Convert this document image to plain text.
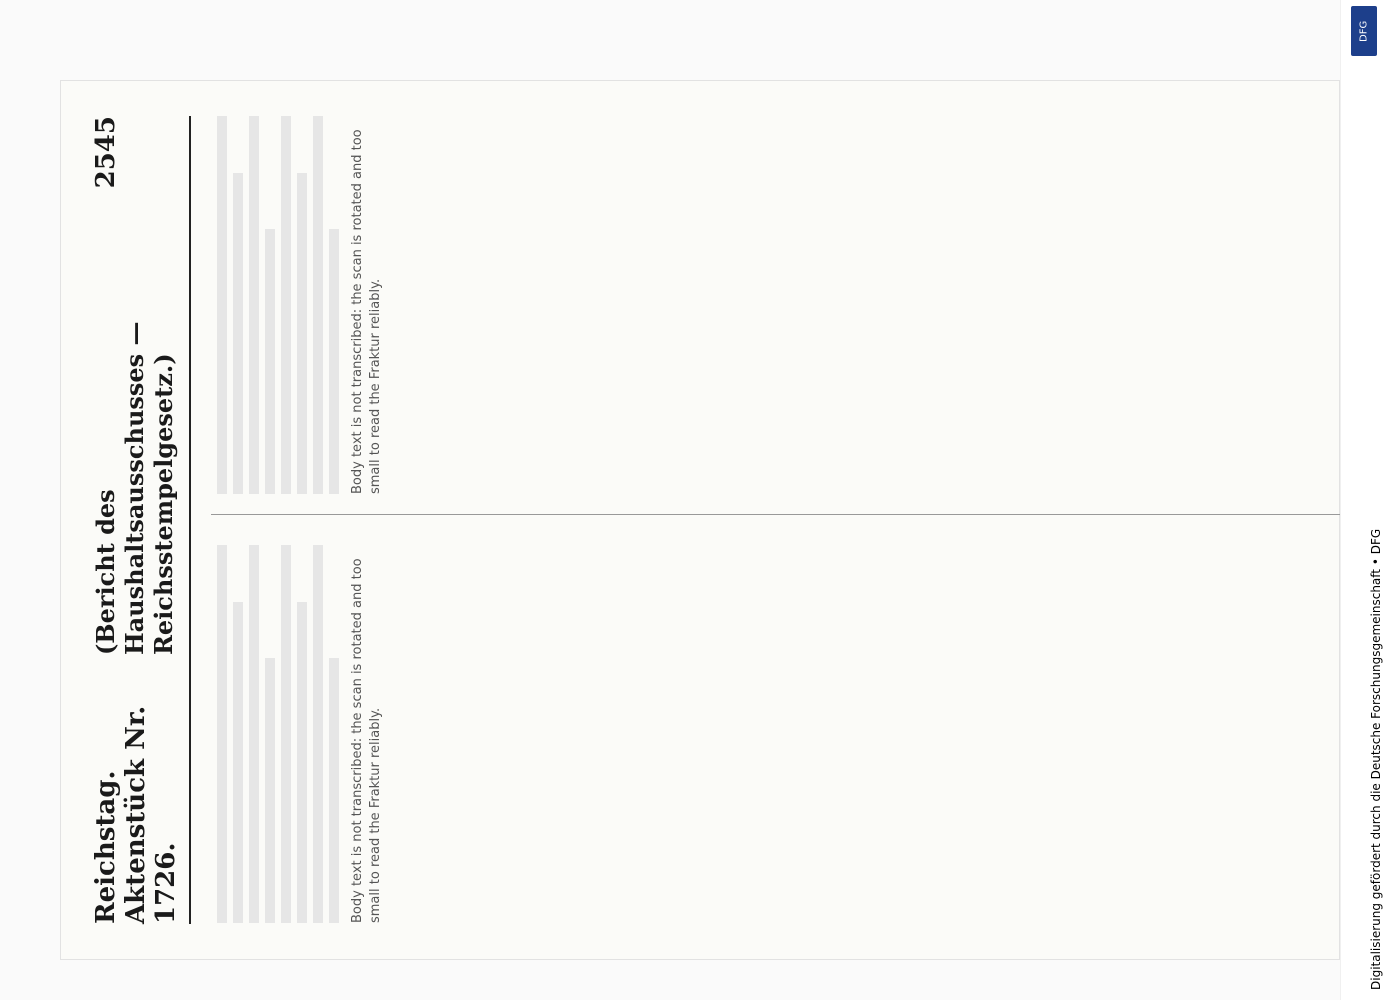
Reichstag. Aktenstück Nr. 1726.
(Bericht des Haushaltsausschusses — Reichsstempelgesetz.)
2545
Body text is not transcribed: the scan is rotated and too small to read the Fraktur reliably.
Body text is not transcribed: the scan is rotated and too small to read the Fraktur reliably.
Digitalisierung gefördert durch die Deutsche Forschungsgemeinschaft • DFG
DFG
